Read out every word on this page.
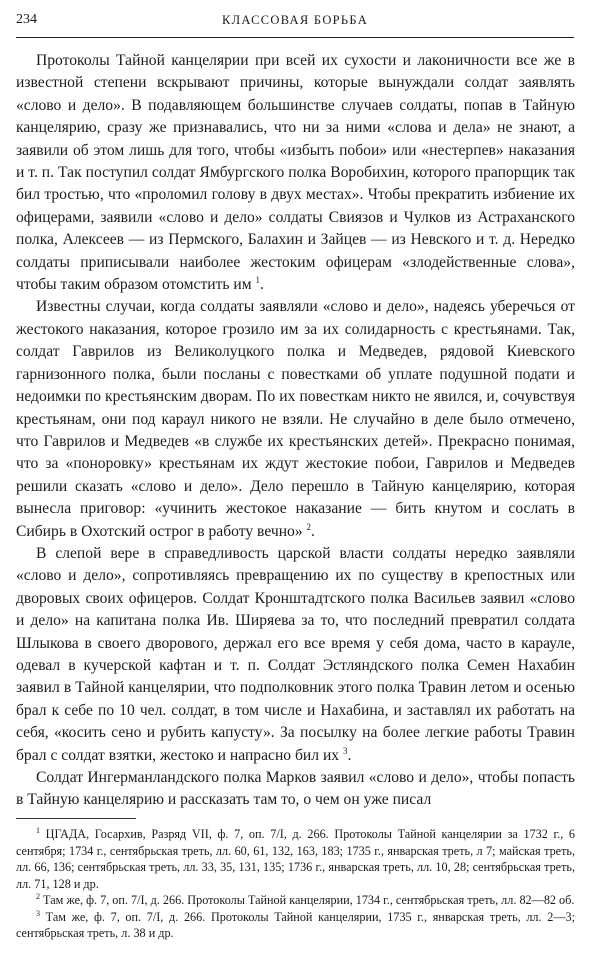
234	КЛАССОВАЯ БОРЬБА

Протоколы Тайной канцелярии при всей их сухости и лаконичности все же в известной степени вскрывают причины, которые вынуждали солдат заявлять «слово и дело». В подавляющем большинстве случаев солдаты, попав в Тайную канцелярию, сразу же признавались, что ни за ними «слова и дела» не знают, а заявили об этом лишь для того, чтобы «избыть побои» или «нестерпев» наказания и т. п. Так поступил солдат Ямбургского полка Воробихин, которого прапорщик так бил тростью, что «проломил голову в двух местах». Чтобы прекратить избиение их офицерами, заявили «слово и дело» солдаты Свиязов и Чулков из Астраханского полка, Алексеев — из Пермского, Балахин и Зайцев — из Невского и т. д. Нередко солдаты приписывали наиболее жестоким офицерам «злодейственные слова», чтобы таким образом отомстить им $^1$.

Известны случаи, когда солдаты заявляли «слово и дело», надеясь уберечься от жестокого наказания, которое грозило им за их солидарность с крестьянами. Так, солдат Гаврилов из Великолуцкого полка и Медведев, рядовой Киевского гарнизонного полка, были посланы с повестками об уплате подушной подати и недоимки по крестьянским дворам. По их повесткам никто не явился, и, сочувствуя крестьянам, они под караул никого не взяли. Не случайно в деле было отмечено, что Гаврилов и Медведев «в службе их крестьянских детей». Прекрасно понимая, что за «поноровку» крестьянам их ждут жестокие побои, Гаврилов и Медведев решили сказать «слово и дело». Дело перешло в Тайную канцелярию, которая вынесла приговор: «учинить жестокое наказание — бить кнутом и сослать в Сибирь в Охотский острог в работу вечно» $^2$.

В слепой вере в справедливость царской власти солдаты нередко заявляли «слово и дело», сопротивляясь превращению их по существу в крепостных или дворовых своих офицеров. Солдат Кронштадтского полка Васильев заявил «слово и дело» на капитана полка Ив. Ширяева за то, что последний превратил солдата Шлыкова в своего дворового, держал его все время у себя дома, часто в карауле, одевал в кучерской кафтан и т. п. Солдат Эстляндского полка Семен Нахабин заявил в Тайной канцелярии, что подполковник этого полка Травин летом и осенью брал к себе по 10 чел. солдат, в том числе и Нахабина, и заставлял их работать на себя, «косить сено и рубить капусту». За посылку на более легкие работы Травин брал с солдат взятки, жестоко и напрасно бил их $^3$.

Солдат Ингерманландского полка Марков заявил «слово и дело», чтобы попасть в Тайную канцелярию и рассказать там то, о чем он уже писал

$^1$ ЦГАДА, Госархив, Разряд VII, ф. 7, оп. 7/I, д. 266. Протоколы Тайной канцелярии за 1732 г., 6 сентября; 1734 г., сентябрьская треть, лл. 60, 61, 132, 163, 183; 1735 г., январская треть, л 7; майская треть, лл. 66, 136; сентябрьская треть, лл. 33, 35, 131, 135; 1736 г., январская треть, лл. 10, 28; сентябрьская треть, лл. 71, 128 и др.

$^2$ Там же, ф. 7, оп. 7/I, д. 266. Протоколы Тайной канцелярии, 1734 г., сентябрьская треть, лл. 82—82 об.

$^3$ Там же, ф. 7, оп. 7/I, д. 266. Протоколы Тайной канцелярии, 1735 г., январская треть, лл. 2—3; сентябрьская треть, л. 38 и др.
